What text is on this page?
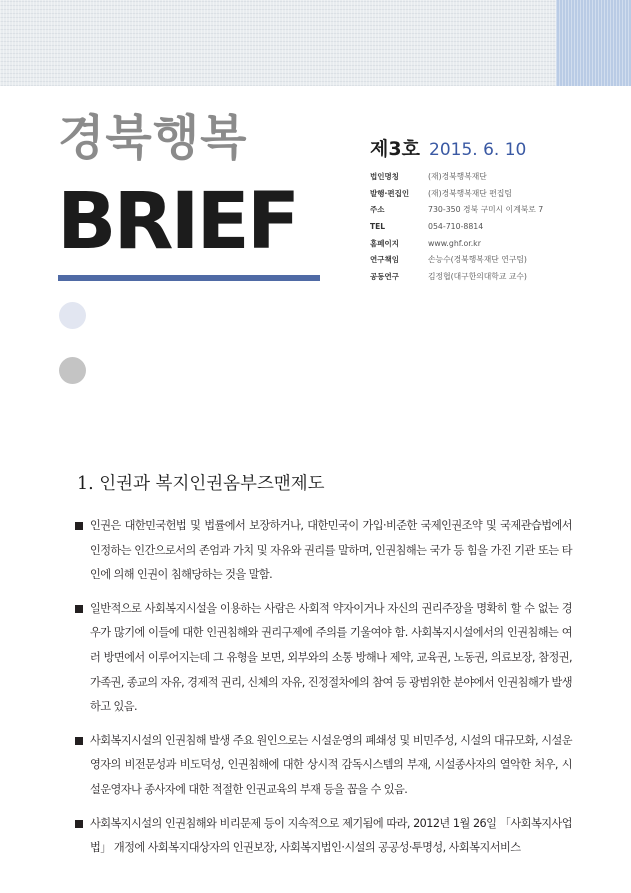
경북행복
BRIEF
제3호 2015. 6. 10
법인명칭	(재)경북행복재단
발행·편집인	(재)경북행복재단 편집팀
주소	730-350 경북 구미시 이계북로 7
TEL	054-710-8814
홈페이지	www.ghf.or.kr
연구책임	손능수(경북행복재단 연구팀)
공동연구	김정협(대구한의대학교 교수)
1. 인권과 복지인권옴부즈맨제도
인권은 대한민국헌법 및 법률에서 보장하거나, 대한민국이 가입·비준한 국제인권조약 및 국제관습법에서 인정하는 인간으로서의 존엄과 가치 및 자유와 권리를 말하며, 인권침해는 국가 등 힘을 가진 기관 또는 타인에 의해 인권이 침해당하는 것을 말함.
일반적으로 사회복지시설을 이용하는 사람은 사회적 약자이거나 자신의 권리주장을 명확히 할 수 없는 경우가 많기에 이들에 대한 인권침해와 권리구제에 주의를 기울여야 함. 사회복지시설에서의 인권침해는 여러 방면에서 이루어지는데 그 유형을 보면, 외부와의 소통 방해나 제약, 교육권, 노동권, 의료보장, 참정권, 가족권, 종교의 자유, 경제적 권리, 신체의 자유, 진정절차에의 참여 등 광범위한 분야에서 인권침해가 발생하고 있음.
사회복지시설의 인권침해 발생 주요 원인으로는 시설운영의 폐쇄성 및 비민주성, 시설의 대규모화, 시설운영자의 비전문성과 비도덕성, 인권침해에 대한 상시적 감독시스템의 부재, 시설종사자의 열악한 처우, 시설운영자나 종사자에 대한 적절한 인권교육의 부재 등을 꼽을 수 있음.
사회복지시설의 인권침해와 비리문제 등이 지속적으로 제기됨에 따라, 2012년 1월 26일 「사회복지사업법」 개정에 사회복지대상자의 인권보장, 사회복지법인·시설의 공공성·투명성, 사회복지서비스
